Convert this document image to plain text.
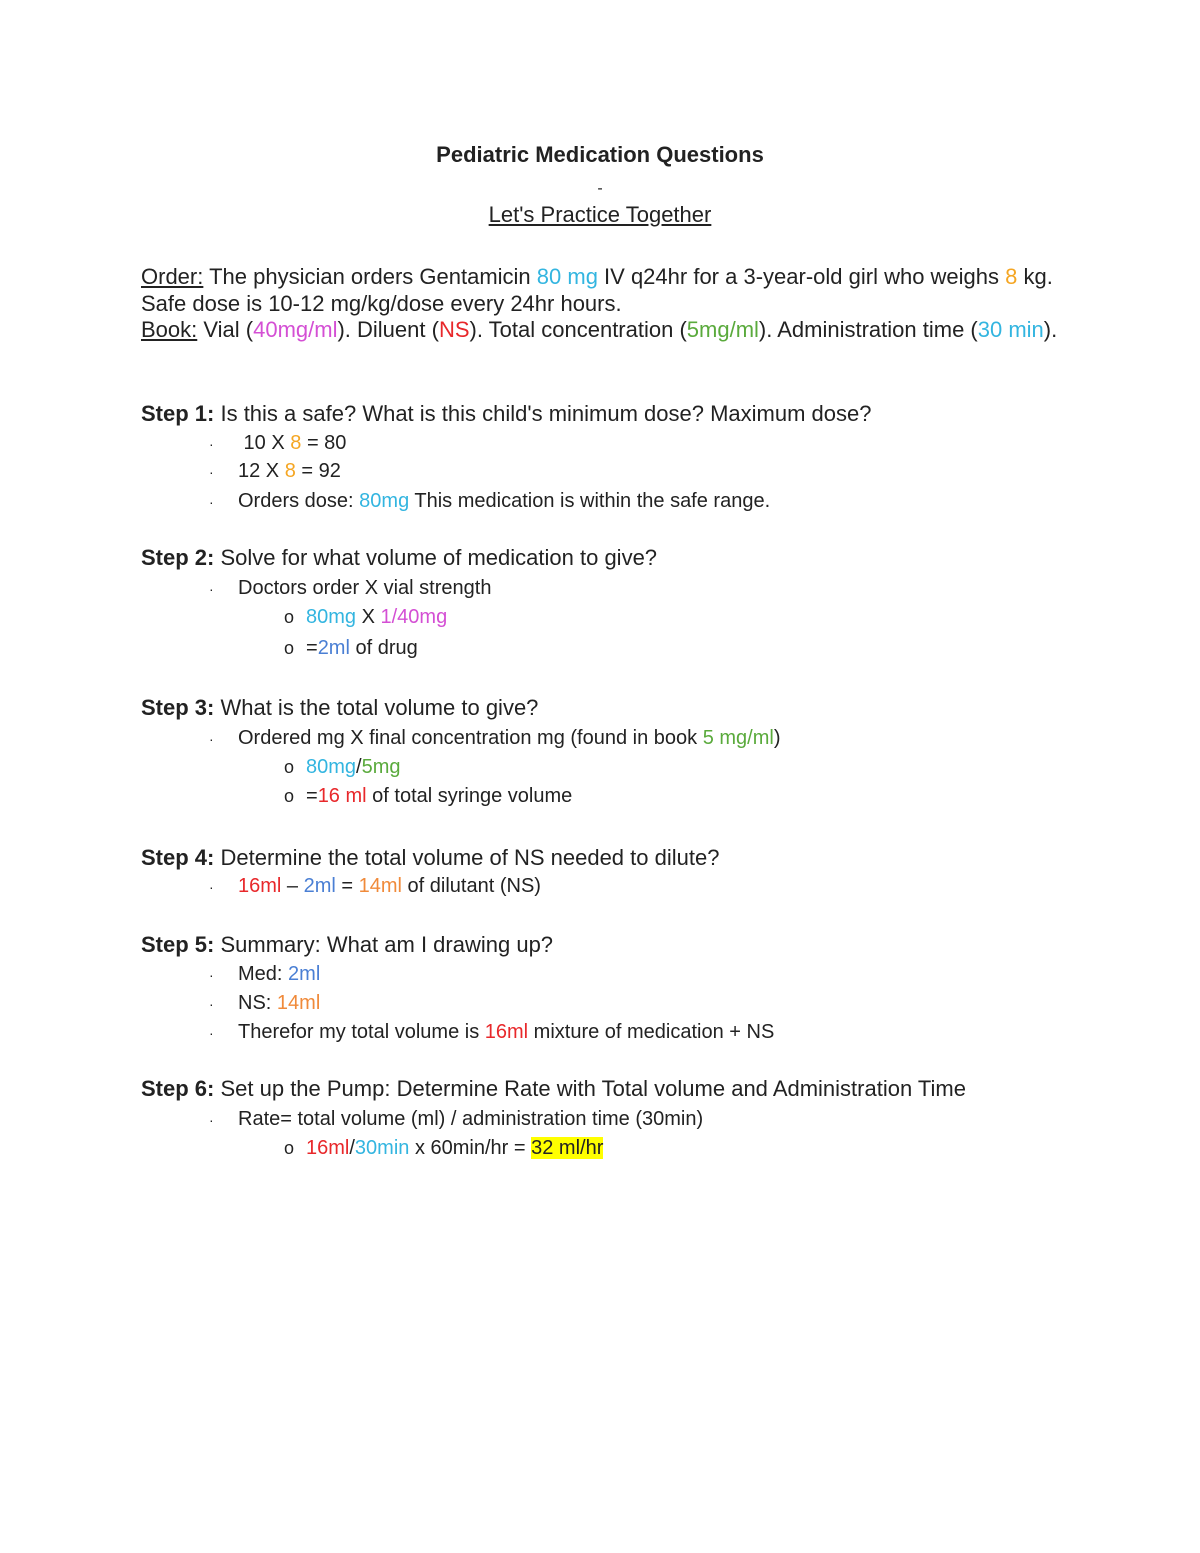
Pediatric Medication Questions
-
Let's Practice Together
Order: The physician orders Gentamicin 80 mg IV q24hr for a 3-year-old girl who weighs 8 kg. Safe dose is 10-12 mg/kg/dose every 24hr hours.
Book: Vial (40mg/ml). Diluent (NS). Total concentration (5mg/ml). Administration time (30 min).
Step 1: Is this a safe? What is this child's minimum dose? Maximum dose?
· 10 X 8 = 80
· 12 X 8 = 92
· Orders dose: 80mg This medication is within the safe range.
Step 2: Solve for what volume of medication to give?
· Doctors order X vial strength
o 80mg X 1/40mg
o =2ml of drug
Step 3: What is the total volume to give?
· Ordered mg X final concentration mg (found in book 5 mg/ml)
o 80mg/5mg
o =16 ml of total syringe volume
Step 4: Determine the total volume of NS needed to dilute?
· 16ml – 2ml = 14ml of dilutant (NS)
Step 5: Summary: What am I drawing up?
· Med: 2ml
· NS: 14ml
· Therefor my total volume is 16ml mixture of medication + NS
Step 6: Set up the Pump: Determine Rate with Total volume and Administration Time
· Rate= total volume (ml) / administration time (30min)
o 16ml/30min x 60min/hr = 32 ml/hr
